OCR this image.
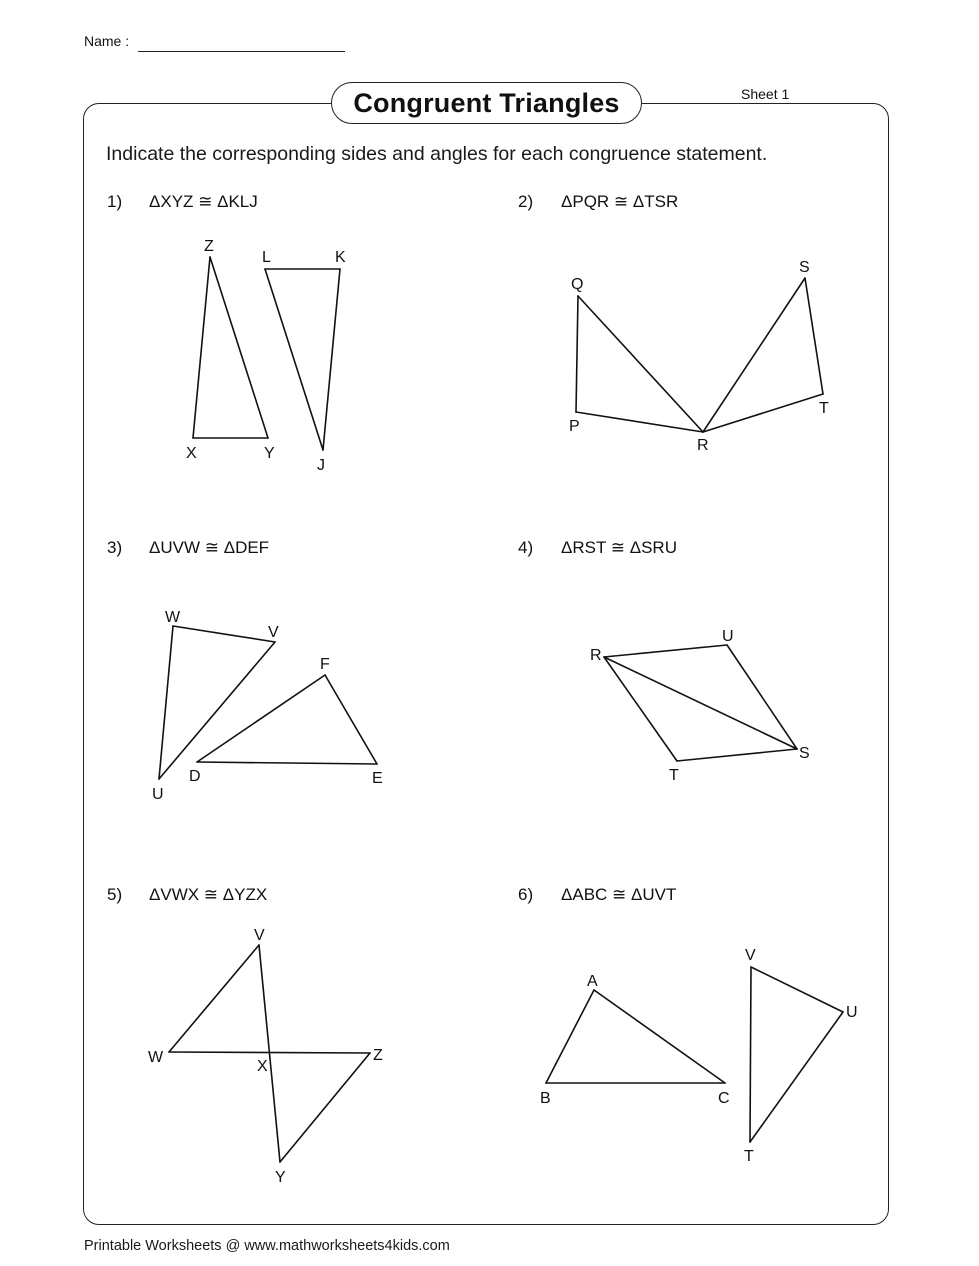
Name :
Congruent Triangles	Sheet 1
Indicate the corresponding sides and angles for each congruence statement.
1) ΔXYZ ≅ ΔKLJ	2) ΔPQR ≅ ΔTSR
3) ΔUVW ≅ ΔDEF	4) ΔRST ≅ ΔSRU
5) ΔVWX ≅ ΔYZX	6) ΔABC ≅ ΔUVT
Z
L	K
X	Y
J
Q
S
P
T
R
W
V
F
D	E
U
R
U
S
T
V
W
X
Z
Y
A
V
U
B	C
T
Printable Worksheets @ www.mathworksheets4kids.com
